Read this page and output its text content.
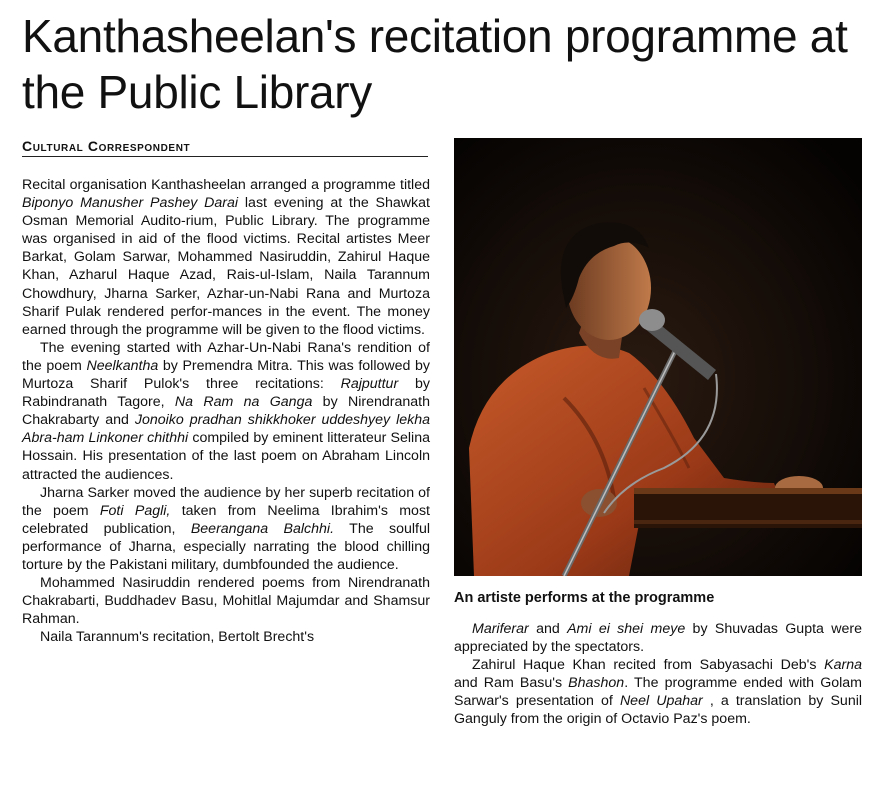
Kanthasheelan's recitation programme at the Public Library
Cultural Correspondent

Recital organisation Kanthasheelan arranged a programme titled Biponyo Manusher Pashey Darai last evening at the Shawkat Osman Memorial Audito-rium, Public Library. The programme was organised in aid of the flood victims. Recital artistes Meer Barkat, Golam Sarwar, Mohammed Nasiruddin, Zahirul Haque Khan, Azharul Haque Azad, Rais-ul-Islam, Naila Tarannum Chowdhury, Jharna Sarker, Azhar-un-Nabi Rana and Murtoza Sharif Pulak rendered perfor-mances in the event. The money earned through the programme will be given to the flood victims.

The evening started with Azhar-Un-Nabi Rana's rendition of the poem Neelkantha by Premendra Mitra. This was followed by Murtoza Sharif Pulok's three recitations: Rajputtur by Rabindranath Tagore, Na Ram na Ganga by Nirendranath Chakrabarty and Jonoiko pradhan shikkhoker uddeshyey lekha Abra-ham Linkoner chithhi compiled by eminent litterateur Selina Hossain. His presentation of the last poem on Abraham Lincoln attracted the audiences.

Jharna Sarker moved the audience by her superb recitation of the poem Foti Pagli, taken from Neelima Ibrahim's most celebrated publication, Beerangana Balchhi. The soulful performance of Jharna, especially narrating the blood chilling torture by the Pakistani military, dumbfounded the audience.

Mohammed Nasiruddin rendered poems from Nirendranath Chakrabarti, Buddhadev Basu, Mohitlal Majumdar and Shamsur Rahman.

Naila Tarannum's recitation, Bertolt Brecht's

An artiste performs at the programme

Mariferar and Ami ei shei meye by Shuvadas Gupta were appreciated by the spectators.

Zahirul Haque Khan recited from Sabyasachi Deb's Karna and Ram Basu's Bhashon. The programme ended with Golam Sarwar's presentation of Neel Upahar , a translation by Sunil Ganguly from the origin of Octavio Paz's poem.
